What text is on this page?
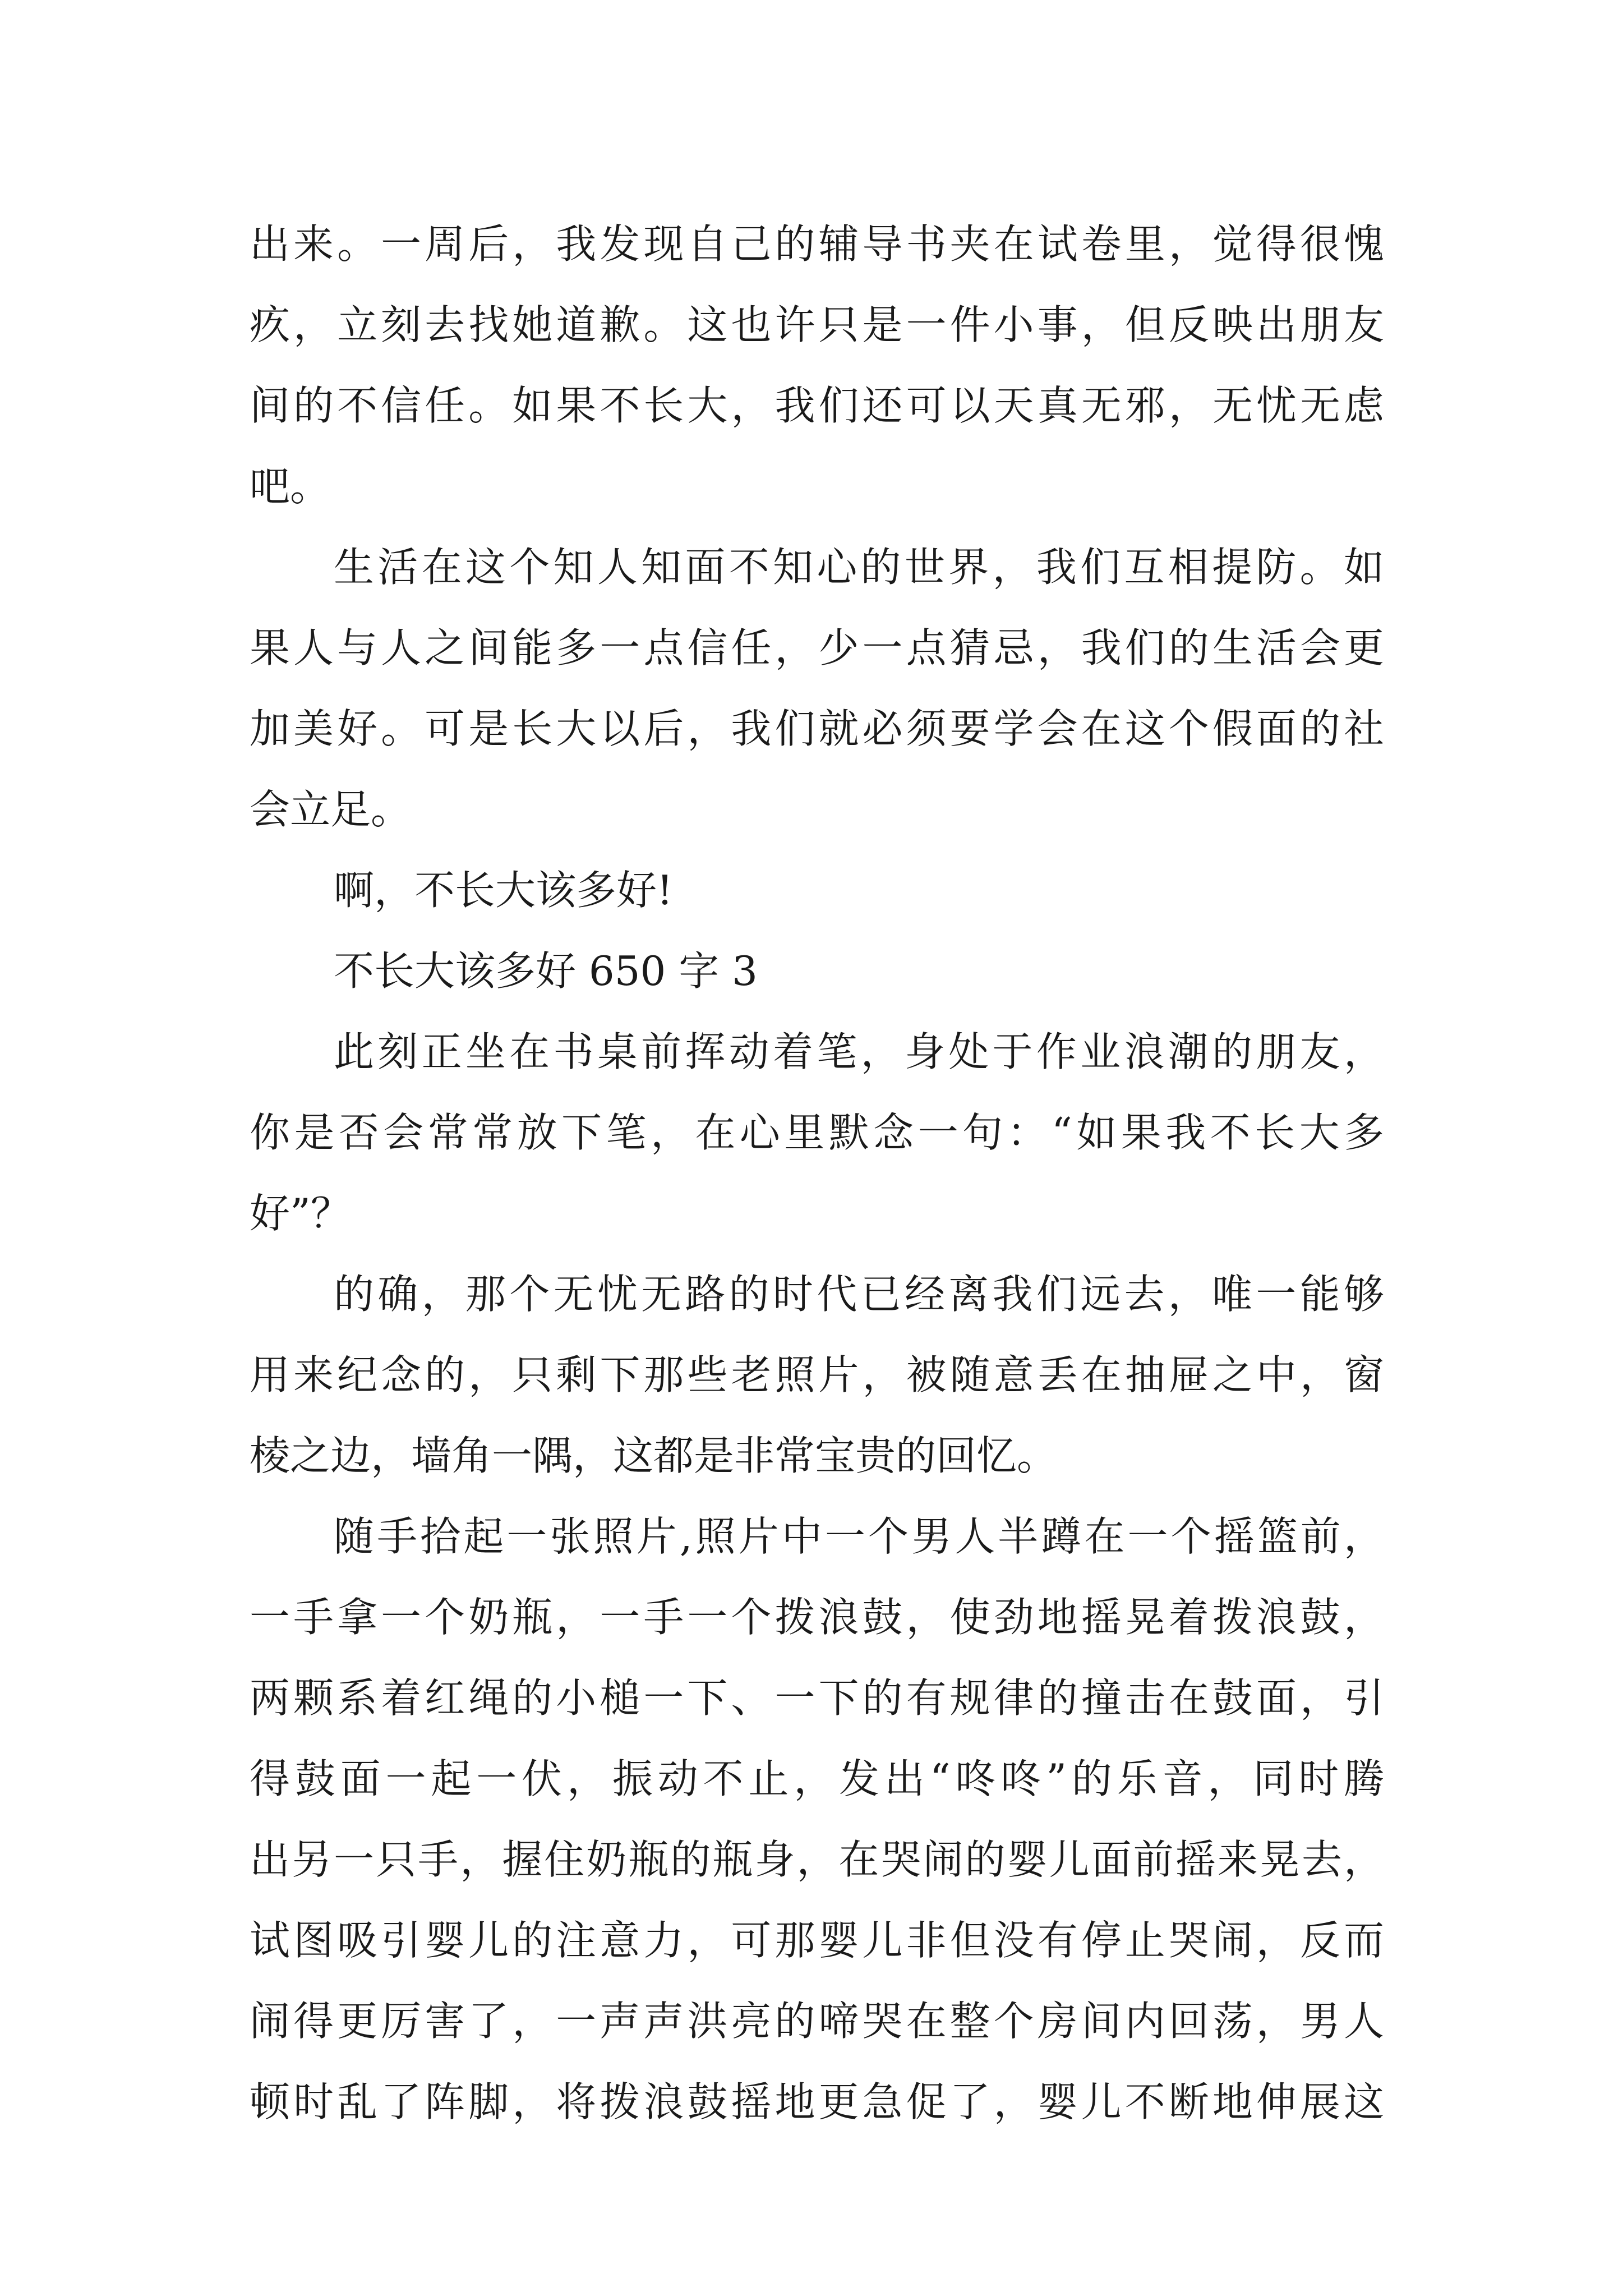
出来。一周后，我发现自己的辅导书夹在试卷里，觉得很愧
疚，立刻去找她道歉。这也许只是一件小事，但反映出朋友
间的不信任。如果不长大，我们还可以天真无邪，无忧无虑
吧。
生活在这个知人知面不知心的世界，我们互相提防。如
果人与人之间能多一点信任，少一点猜忌，我们的生活会更
加美好。可是长大以后，我们就必须要学会在这个假面的社
会立足。
啊，不长大该多好!
不长大该多好 650 字 3
此刻正坐在书桌前挥动着笔，身处于作业浪潮的朋友，
你是否会常常放下笔，在心里默念一句：“如果我不长大多
好”？
的确，那个无忧无路的时代已经离我们远去，唯一能够
用来纪念的，只剩下那些老照片，被随意丢在抽屉之中，窗
棱之边，墙角一隅，这都是非常宝贵的回忆。
随手拾起一张照片,照片中一个男人半蹲在一个摇篮前，
一手拿一个奶瓶，一手一个拨浪鼓，使劲地摇晃着拨浪鼓，
两颗系着红绳的小槌一下、一下的有规律的撞击在鼓面，引
得鼓面一起一伏，振动不止，发出“咚咚”的乐音，同时腾
出另一只手，握住奶瓶的瓶身，在哭闹的婴儿面前摇来晃去，
试图吸引婴儿的注意力，可那婴儿非但没有停止哭闹，反而
闹得更厉害了，一声声洪亮的啼哭在整个房间内回荡，男人
顿时乱了阵脚，将拨浪鼓摇地更急促了，婴儿不断地伸展这
